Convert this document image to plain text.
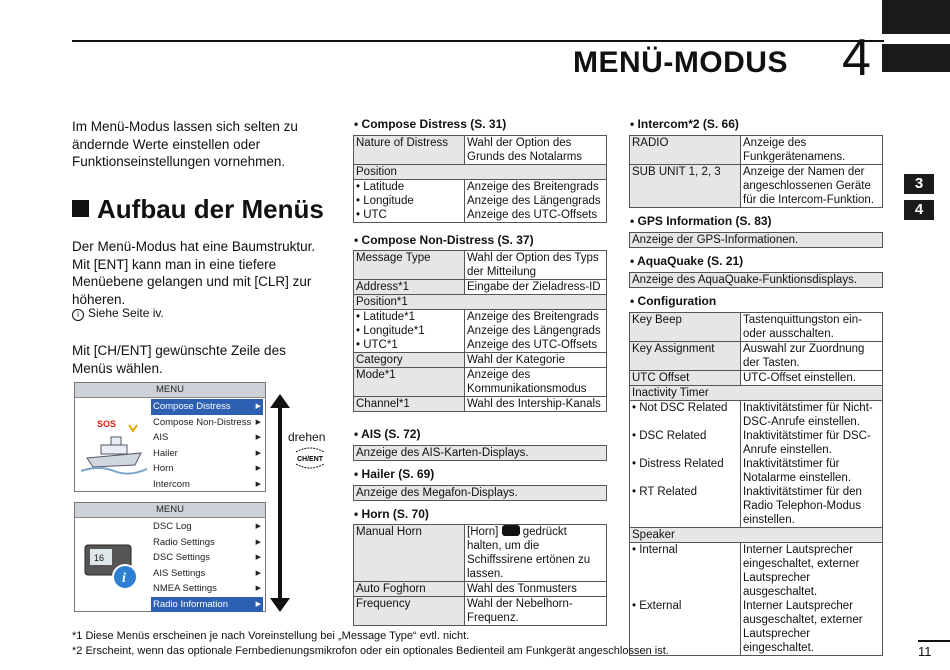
MENÜ-MODUS 4
3
4
Im Menü-Modus lassen sich selten zu ändernde Werte einstellen oder Funktionseinstellungen vornehmen.
Aufbau der Menüs
Der Menü-Modus hat eine Baumstruktur. Mit [ENT] kann man in eine tiefere Menüebene gelangen und mit [CLR] zur höheren.
i Siehe Seite iv.
Mit [CH/ENT] gewünschte Zeile des Menüs wählen.
MENU
SOS
Compose Distress	▶
Compose Non-Distress ▶
AIS	▶
Hailer	▶
Horn	▶
Intercom	▶
MENU
16
i
DSC Log	▶
Radio Settings	▶
DSC Settings	▶
AIS Settings	▶
NMEA Settings	▶
Radio Information	▶
drehen
CH/ENT
• Compose Distress (S. 31)
Nature of Distress	Wahl der Option des Grunds des Notalarms
Position	
• Latitude	Anzeige des Breitengrads
• Longitude	Anzeige des Längengrads
• UTC	Anzeige des UTC-Offsets
• Compose Non-Distress (S. 37)
Message Type	Wahl der Option des Typs der Mitteilung
Address*1	Eingabe der Zieladress-ID
Position*1	
• Latitude*1	Anzeige des Breitengrads
• Longitude*1	Anzeige des Längengrads
• UTC*1	Anzeige des UTC-Offsets
Category	Wahl der Kategorie
Mode*1	Anzeige des Kommunikationsmodus
Channel*1	Wahl des Intership-Kanals
• AIS (S. 72)
Anzeige des AIS-Karten-Displays.
• Hailer (S. 69)
Anzeige des Megafon-Displays.
• Horn (S. 70)
Manual Horn	[Horn] gedrückt halten, um die Schiffssirene ertönen zu lassen.
Auto Foghorn	Wahl des Tonmusters
Frequency	Wahl der Nebelhorn-Frequenz.
• Intercom*2 (S. 66)
RADIO	Anzeige des Funkgerätenamens.
SUB UNIT 1, 2, 3	Anzeige der Namen der angeschlossenen Geräte für die Intercom-Funktion.
• GPS Information (S. 83)
Anzeige der GPS-Informationen.
• AquaQuake (S. 21)
Anzeige des AquaQuake-Funktionsdisplays.
• Configuration
Key Beep	Tastenquittungston ein- oder ausschalten.
Key Assignment	Auswahl zur Zuordnung der Tasten.
UTC Offset	UTC-Offset einstellen.
Inactivity Timer	
• Not DSC Related	Inaktivitätstimer für Nicht-DSC-Anrufe einstellen.
• DSC Related	Inaktivitätstimer für DSC-Anrufe einstellen.
• Distress Related	Inaktivitätstimer für Notalarme einstellen.
• RT Related	Inaktivitätstimer für den Radio Telephon-Modus einstellen.
Speaker	
• Internal	Interner Lautsprecher eingeschaltet, externer Lautsprecher ausgeschaltet.
• External	Interner Lautsprecher ausgeschaltet, externer Lautsprecher eingeschaltet.
*1 Diese Menüs erscheinen je nach Voreinstellung bei „Message Type“ evtl. nicht.
*2 Erscheint, wenn das optionale Fernbedienungsmikrofon oder ein optionales Bedienteil am Funkgerät angeschlossen ist.	11
